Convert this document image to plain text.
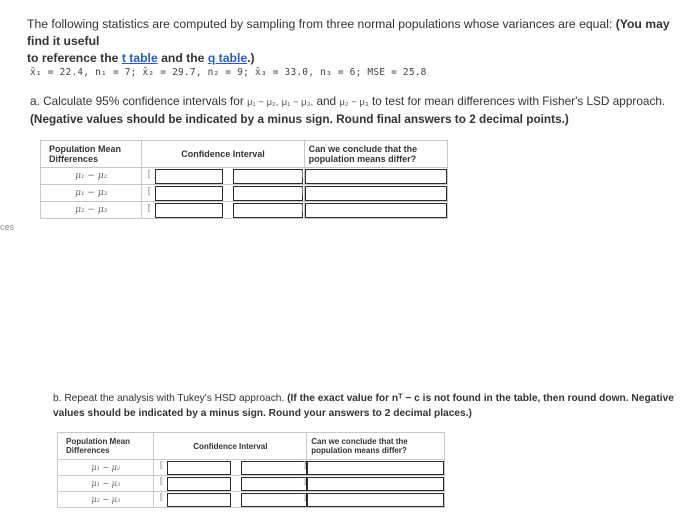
The following statistics are computed by sampling from three normal populations whose variances are equal: (You may find it useful
to reference the t table and the q table.)
x̄₁ = 22.4, n₁ = 7; x̄₂ = 29.7, n₂ = 9; x̄₃ = 33.0, n₃ = 6; MSE = 25.8
a. Calculate 95% confidence intervals for μ₁ − μ₂, μ₁ − μ₃, and μ₂ − μ₃ to test for mean differences with Fisher's LSD approach.
(Negative values should be indicated by a minus sign. Round final answers to 2 decimal points.)
ces
Population Mean Differences	Confidence Interval	Can we conclude that the population means differ?
μ₁ − μ₂	[	]

μ₁ − μ₃	[	]

μ₂ − μ₃	[	]
b. Repeat the analysis with Tukey's HSD approach. (If the exact value for nᵀ − c is not found in the table, then round down. Negative values should be indicated by a minus sign. Round your answers to 2 decimal places.)
Population Mean Differences	Confidence Interval	Can we conclude that the population means differ?
μ₁ − μ₂	[	]

μ₁ − μ₃	[	]

μ₂ − μ₃	[	]
